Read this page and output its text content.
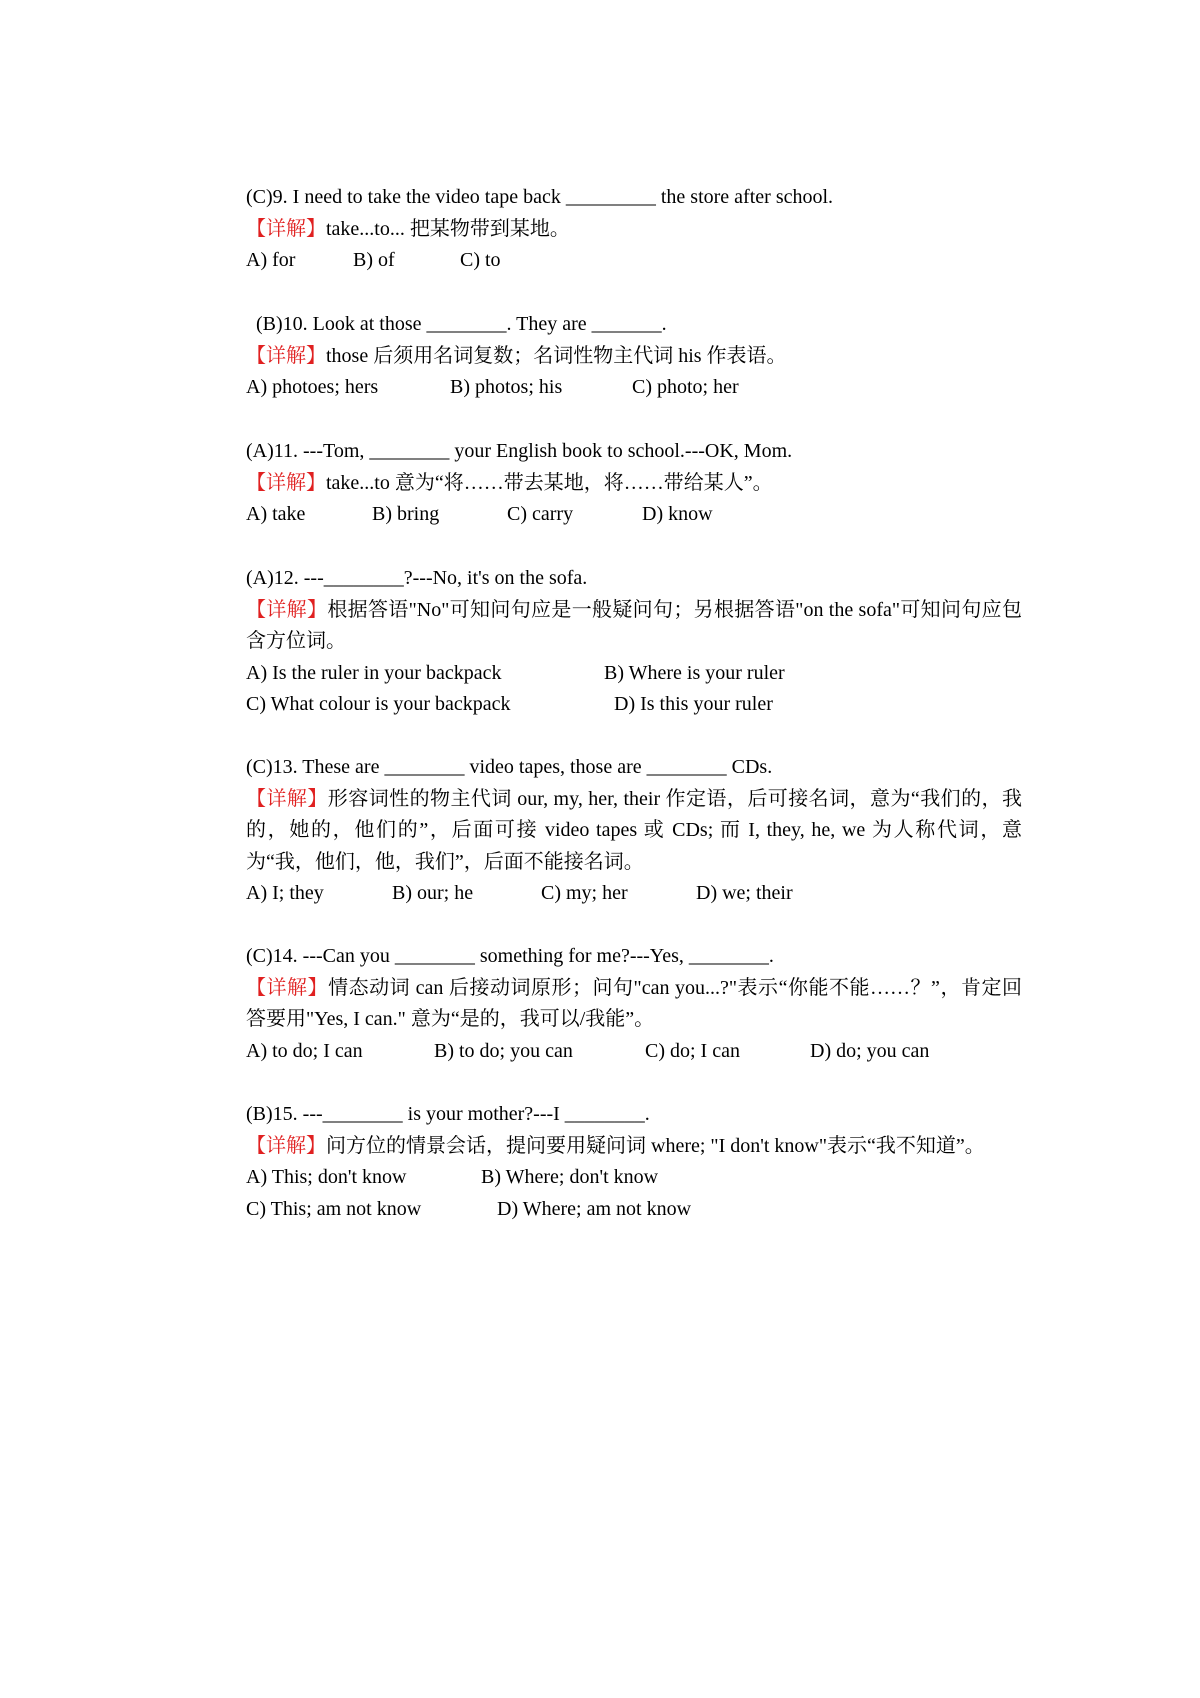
(C)9. I need to take the video tape back _________ the store after school.
【详解】take...to... 把某物带到某地。
A) for	B) of	C) to
(B)10. Look at those ________. They are _______.
【详解】those 后须用名词复数；名词性物主代词 his 作表语。
A) photoes; hers	B) photos; his	C) photo; her
(A)11. ---Tom, ________ your English book to school.---OK, Mom.
【详解】take...to 意为“将……带去某地，将……带给某人”。
A) take	B) bring	C) carry	D) know
(A)12. ---________?---No, it's on the sofa.
【详解】根据答语"No"可知问句应是一般疑问句；另根据答语"on the sofa"可知问句应包含方位词。
A) Is the ruler in your backpack	B) Where is your ruler
C) What colour is your backpack	D) Is this your ruler
(C)13. These are ________ video tapes, those are ________ CDs.
【详解】形容词性的物主代词 our, my, her, their 作定语，后可接名词，意为“我们的，我的，她的，他们的”，后面可接 video tapes 或 CDs; 而 I, they, he, we 为人称代词，意为“我，他们，他，我们”，后面不能接名词。
A) I; they	B) our; he	C) my; her	D) we; their
(C)14. ---Can you ________ something for me?---Yes, ________.
【详解】情态动词 can 后接动词原形；问句"can you...?"表示“你能不能……？”，肯定回答要用"Yes, I can." 意为“是的，我可以/我能”。
A) to do; I can	B) to do; you can	C) do; I can	D) do; you can
(B)15. ---________ is your mother?---I ________.
【详解】问方位的情景会话，提问要用疑问词 where; "I don't know"表示“我不知道”。
A) This; don't know	B) Where; don't know
C) This; am not know	D) Where; am not know
